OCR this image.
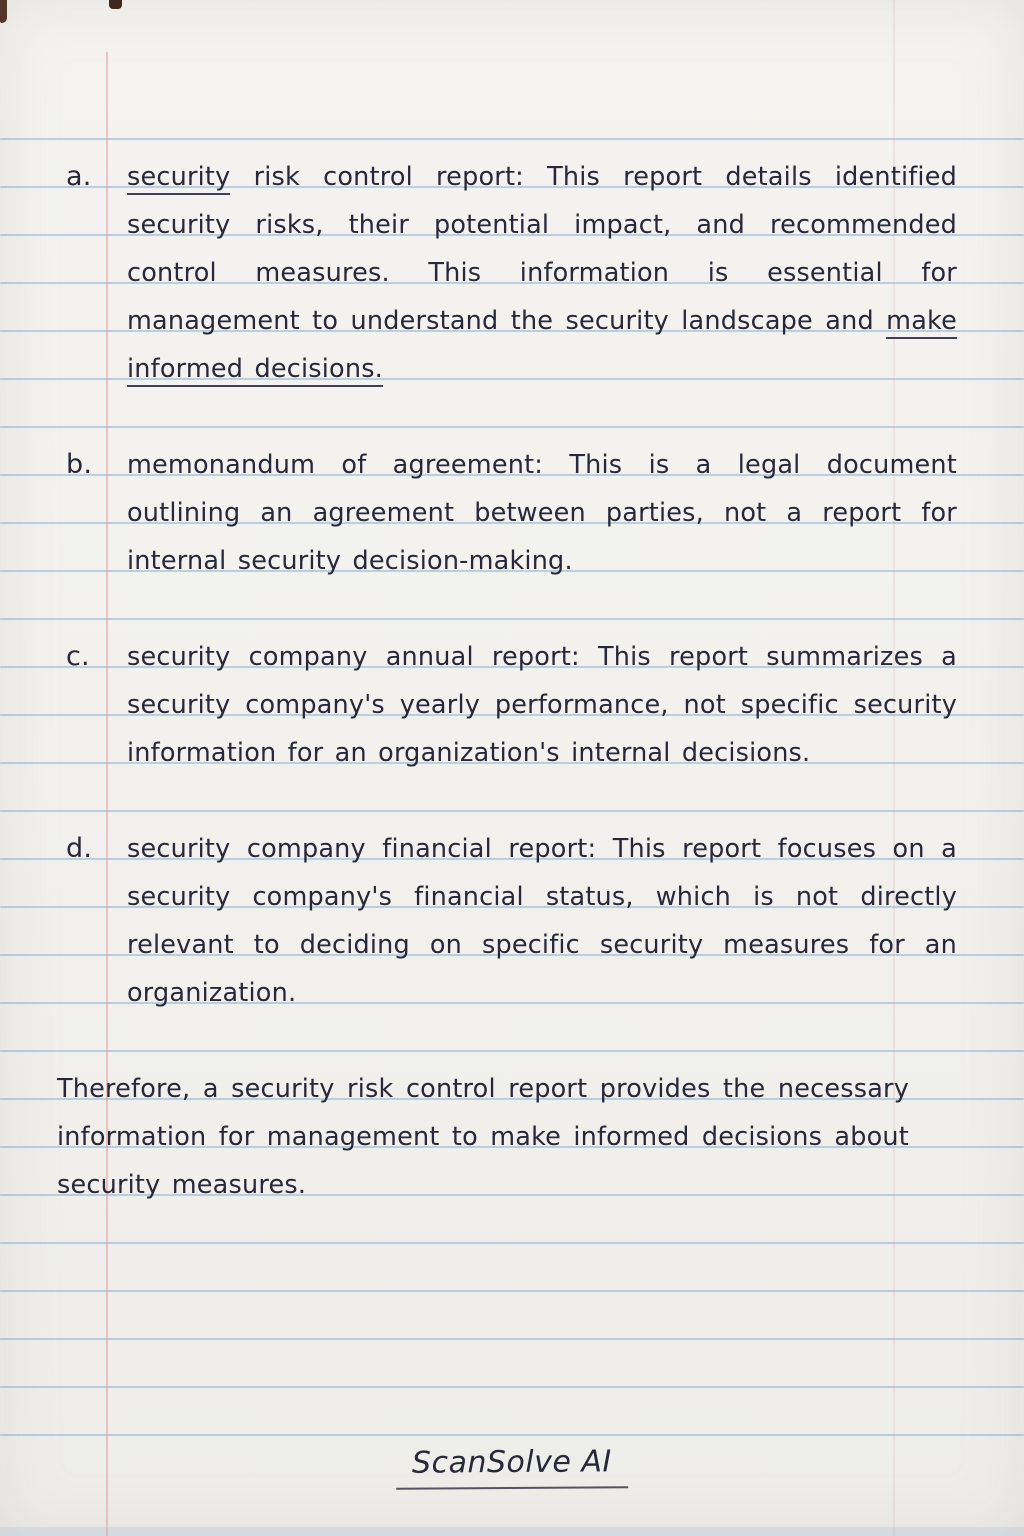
a.	security risk control report: This report details identified security risks, their potential impact, and recommended control measures. This information is essential for management to understand the security landscape and make informed decisions.
b.	memonandum of agreement: This is a legal document outlining an agreement between parties, not a report for internal security decision-making.
c.	security company annual report: This report summarizes a security company's yearly performance, not specific security information for an organization's internal decisions.
d.	security company financial report: This report focuses on a security company's financial status, which is not directly relevant to deciding on specific security measures for an organization.
Therefore, a security risk control report provides the necessary information for management to make informed decisions about security measures.
ScanSolve AI
